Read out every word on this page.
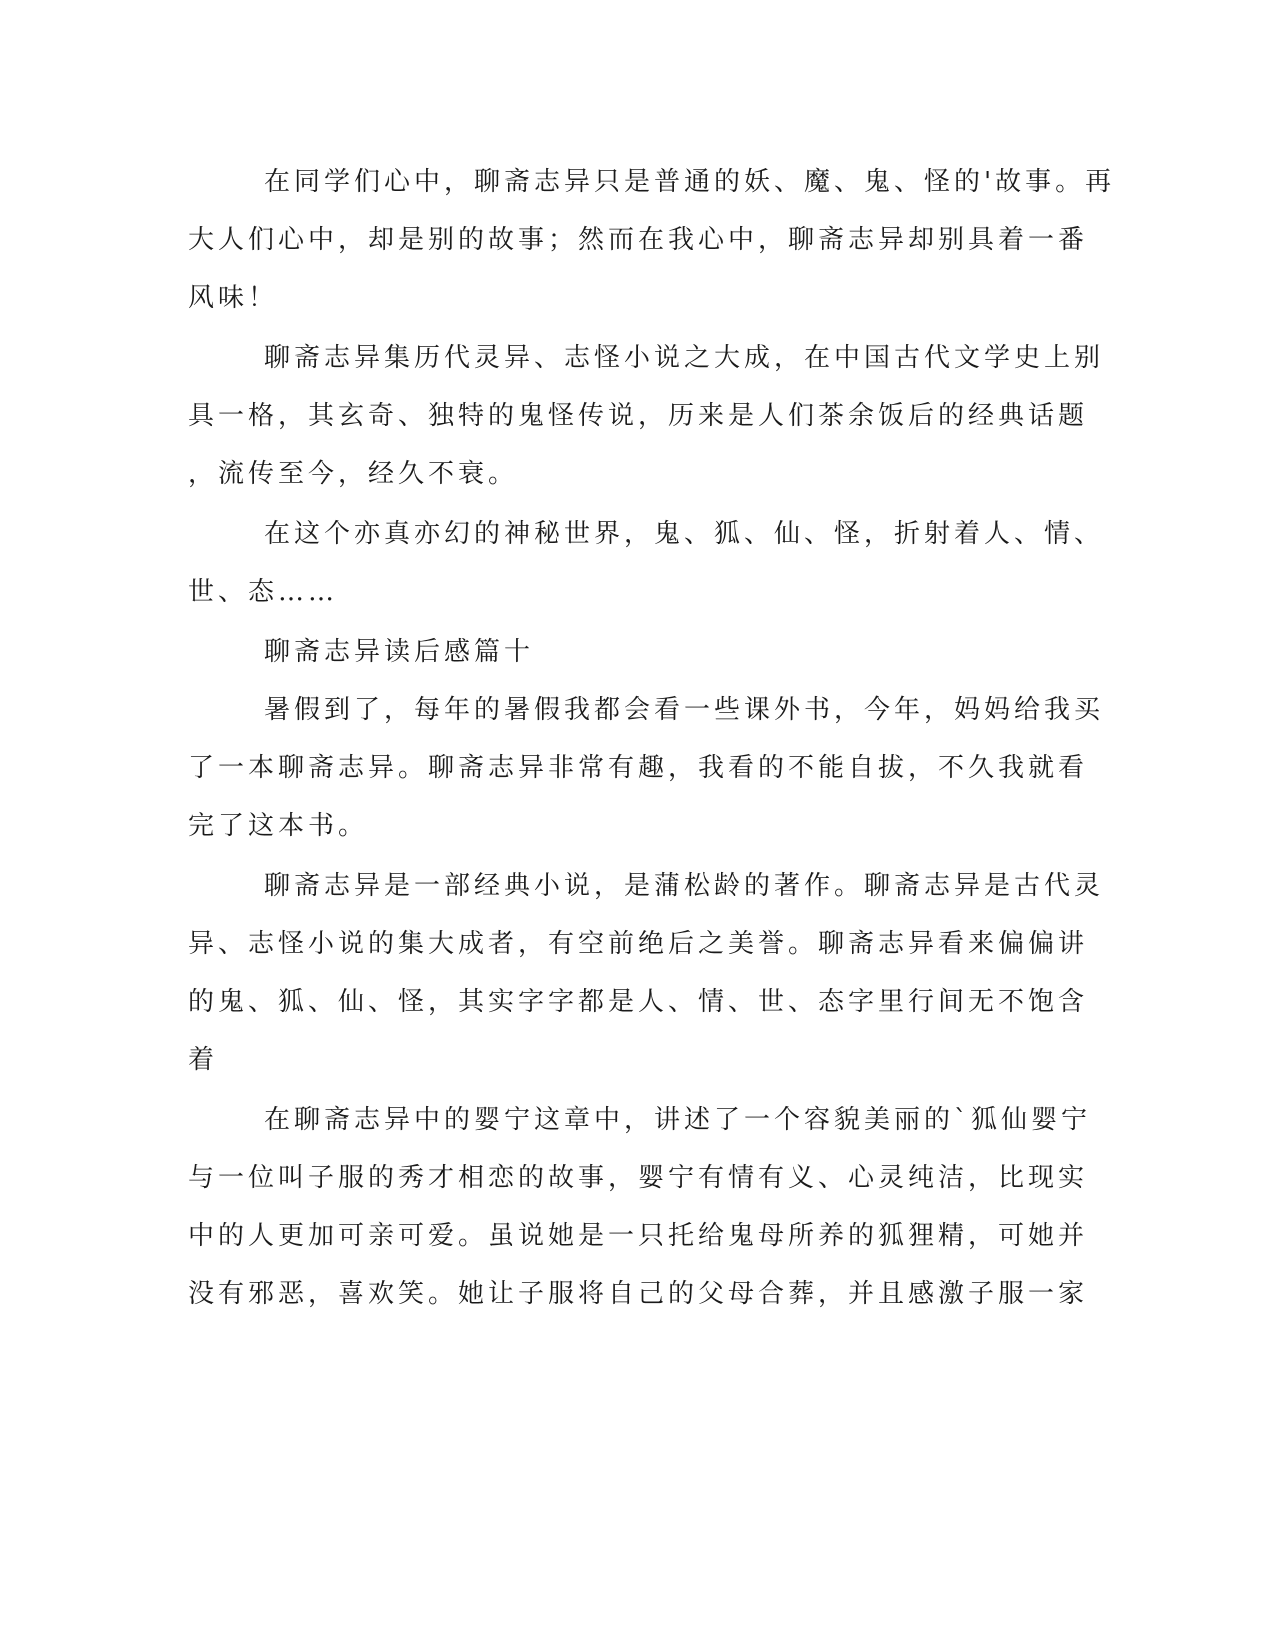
在同学们心中，聊斋志异只是普通的妖、魔、鬼、怪的'故事。再
大人们心中，却是别的故事；然而在我心中，聊斋志异却别具着一番
风味！
聊斋志异集历代灵异、志怪小说之大成，在中国古代文学史上别
具一格，其玄奇、独特的鬼怪传说，历来是人们茶余饭后的经典话题
，流传至今，经久不衰。
在这个亦真亦幻的神秘世界，鬼、狐、仙、怪，折射着人、情、
世、态……
聊斋志异读后感篇十
暑假到了，每年的暑假我都会看一些课外书，今年，妈妈给我买
了一本聊斋志异。聊斋志异非常有趣，我看的不能自拔，不久我就看
完了这本书。
聊斋志异是一部经典小说，是蒲松龄的著作。聊斋志异是古代灵
异、志怪小说的集大成者，有空前绝后之美誉。聊斋志异看来偏偏讲
的鬼、狐、仙、怪，其实字字都是人、情、世、态字里行间无不饱含
着
在聊斋志异中的婴宁这章中，讲述了一个容貌美丽的`狐仙婴宁
与一位叫子服的秀才相恋的故事，婴宁有情有义、心灵纯洁，比现实
中的人更加可亲可爱。虽说她是一只托给鬼母所养的狐狸精，可她并
没有邪恶，喜欢笑。她让子服将自己的父母合葬，并且感激子服一家
